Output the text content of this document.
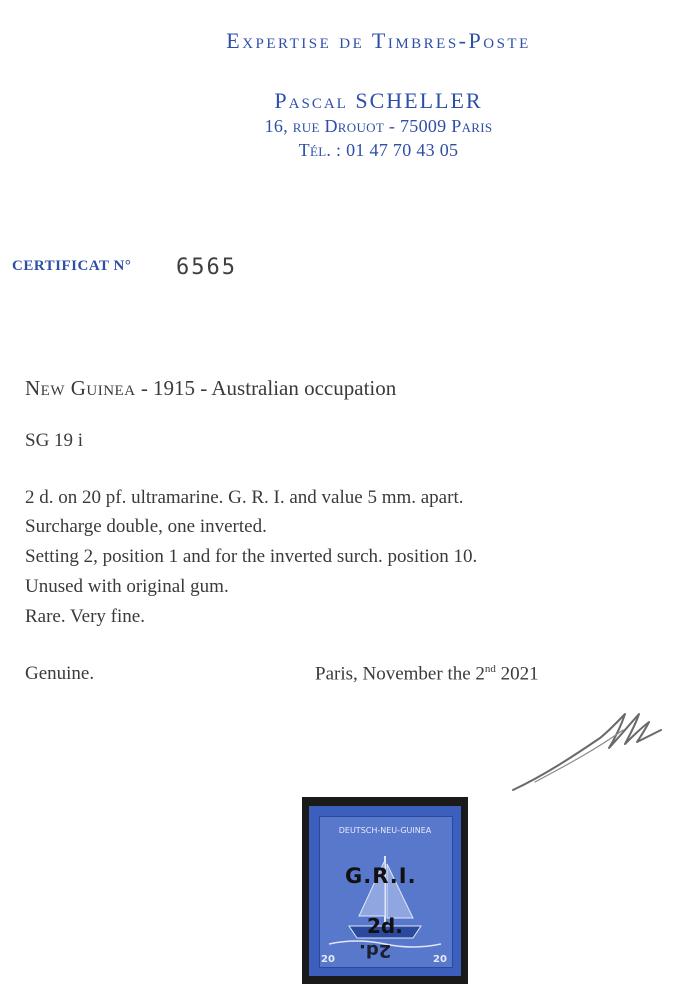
Expertise de Timbres-Poste
Pascal SCHELLER
16, rue Drouot - 75009 Paris
Tél. : 01 47 70 43 05
CERTIFICAT N° 6565
New Guinea - 1915 - Australian occupation
SG 19 i
2 d. on 20 pf. ultramarine. G. R. I. and value 5 mm. apart.
Surcharge double, one inverted.
Setting 2, position 1 and for the inverted surch. position 10.
Unused with original gum.
Rare. Very fine.
Genuine.	Paris, November the 2nd 2021
DEUTSCH-NEU-GUINEA
G.R.I.
2d.
2d.
20	20
